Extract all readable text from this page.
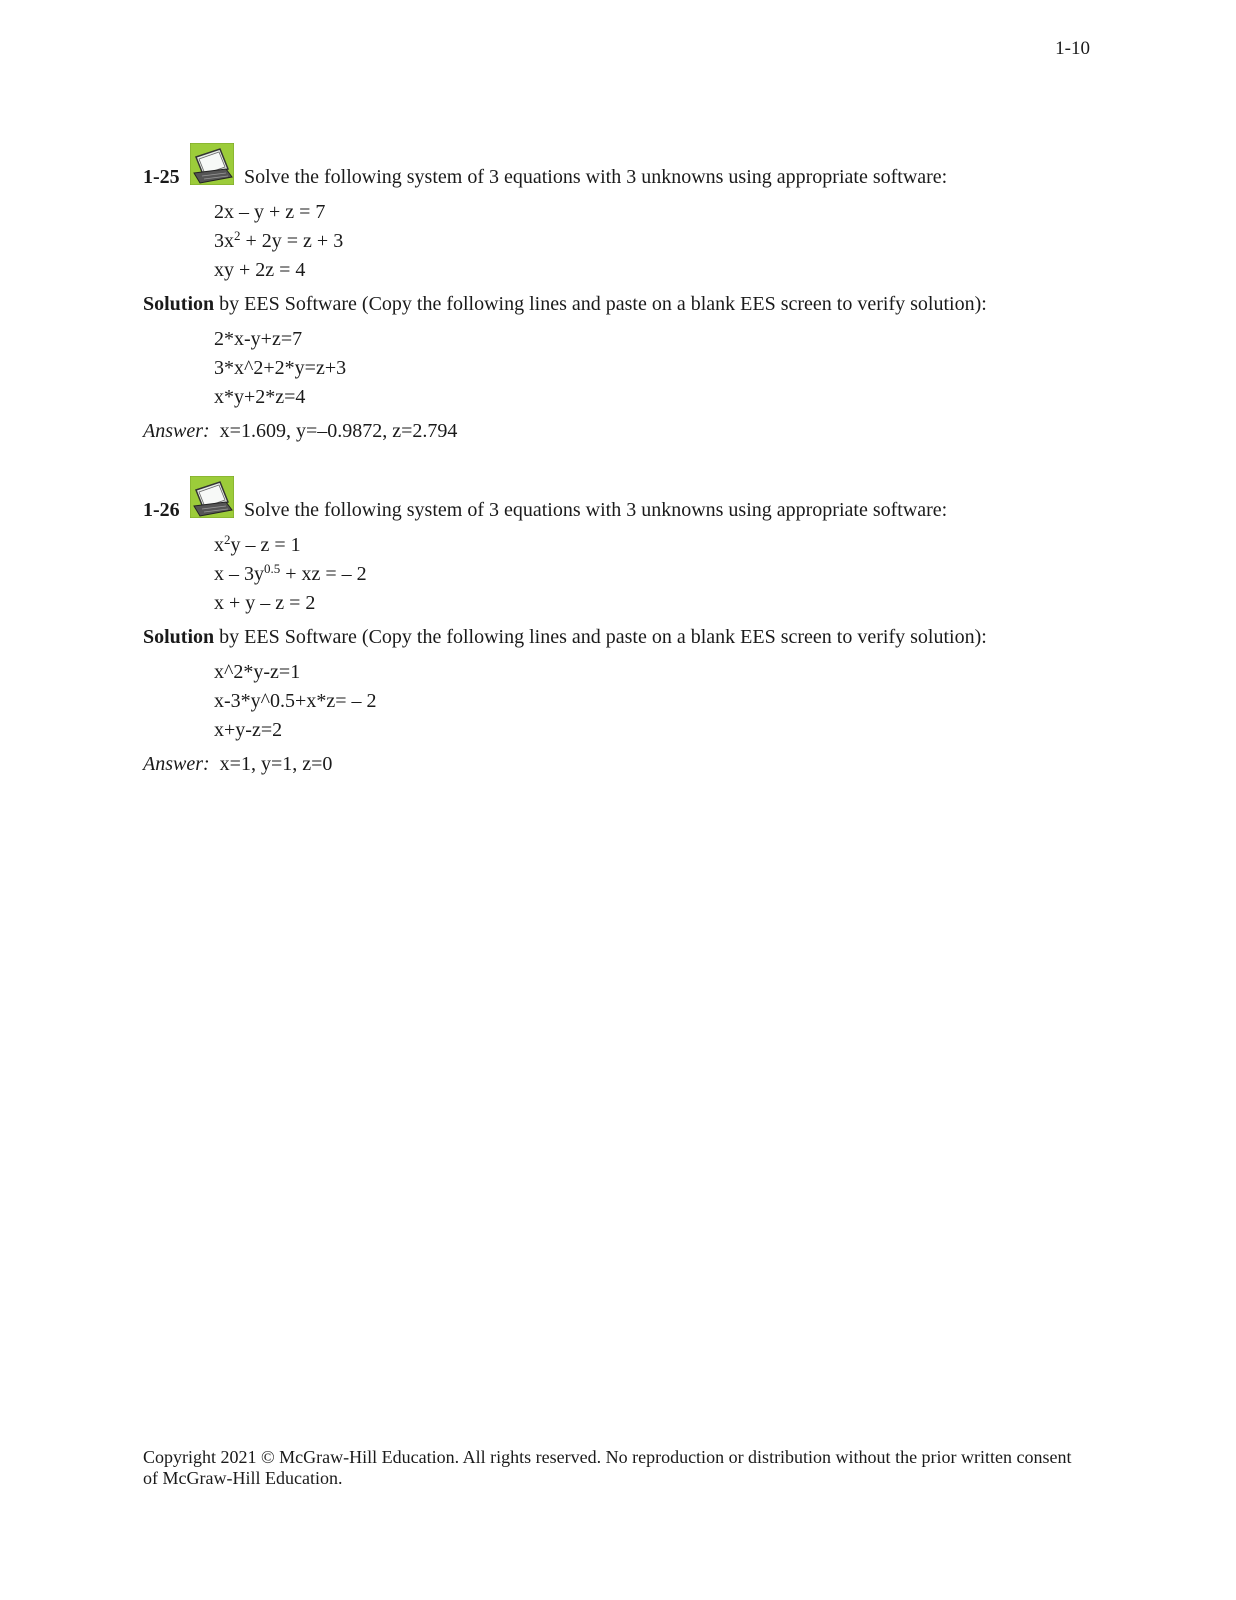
1-10
1-25	Solve the following system of 3 equations with 3 unknowns using appropriate software:
2x – y + z = 7
$3x^2 + 2y = z + 3$
xy + 2z = 4
Solution by EES Software (Copy the following lines and paste on a blank EES screen to verify solution):
2*x-y+z=7
3*x^2+2*y=z+3
x*y+2*z=4
Answer: x=1.609, y=–0.9872, z=2.794
1-26	Solve the following system of 3 equations with 3 unknowns using appropriate software:
$x^2y - z = 1$
x – $3y^{0.5}$ + xz = – 2
x + y – z = 2
Solution by EES Software (Copy the following lines and paste on a blank EES screen to verify solution):
x^2*y-z=1
x-3*y^0.5+x*z= – 2
x+y-z=2
Answer: x=1, y=1, z=0
Copyright 2021 © McGraw-Hill Education. All rights reserved. No reproduction or distribution without the prior written consent
of McGraw-Hill Education.
